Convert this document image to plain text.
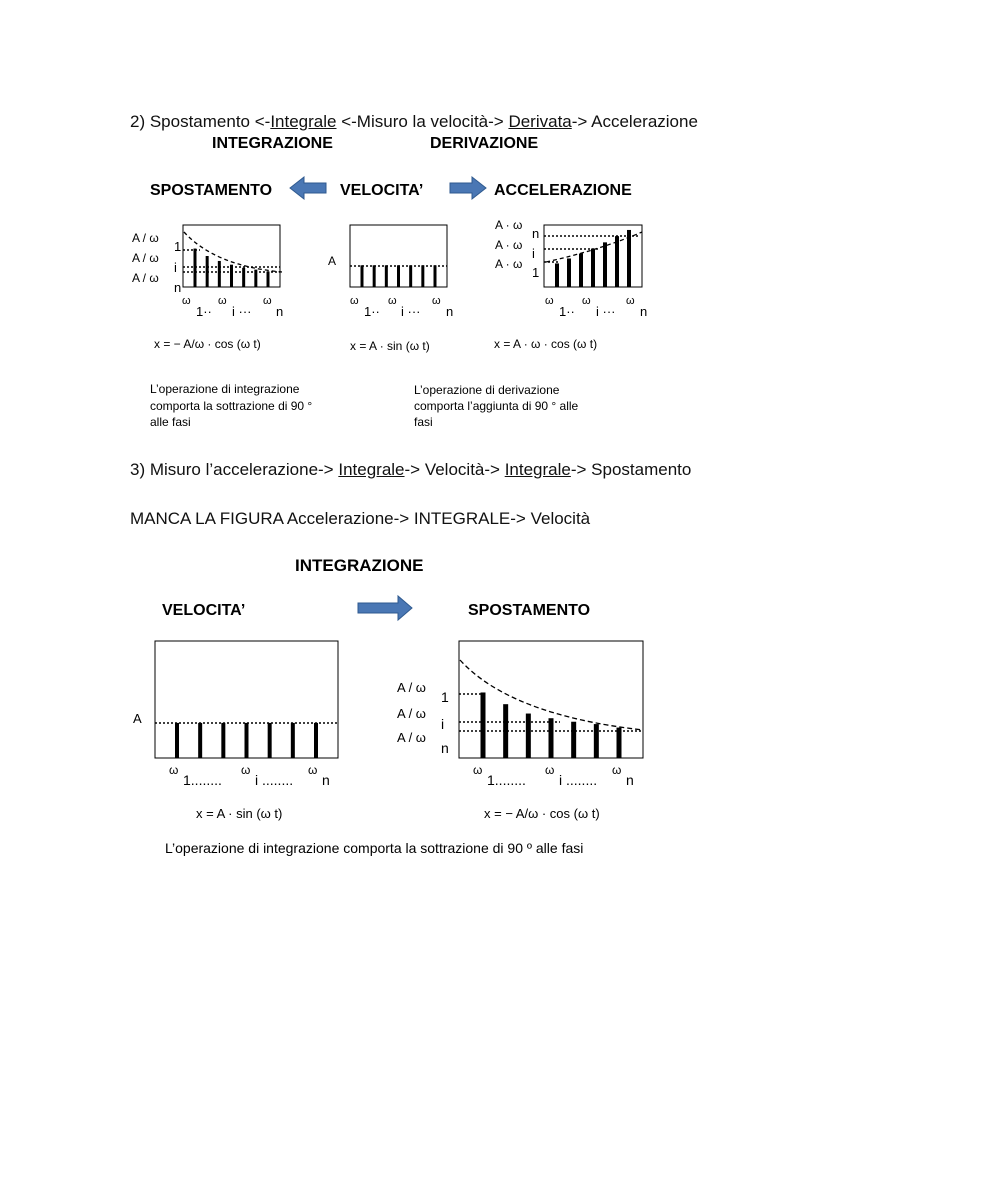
2) Spostamento <-Integrale <-Misuro la velocità-> Derivata-> Accelerazione
INTEGRAZIONE	DERIVAZIONE
SPOSTAMENTO	VELOCITA’	ACCELERAZIONE
A / ω
A / ω
A / ω
1
i
n
A
A · ω
A · ω
A · ω
n
i
1
ω
1··
ω
i ···
ω
n
ω
1··
ω
i ···
ω
n
ω
1··
ω
i ···
ω
n
x = − A/ω · cos (ω t)	x = A · sin (ω t)	x = A · ω · cos (ω t)
L’operazione di integrazione
comporta la sottrazione di 90 °
alle fasi
L’operazione di derivazione
comporta l’aggiunta di 90 ° alle
fasi
3) Misuro l’accelerazione-> Integrale-> Velocità-> Integrale-> Spostamento
MANCA LA FIGURA Accelerazione-> INTEGRALE-> Velocità
INTEGRAZIONE
VELOCITA’	SPOSTAMENTO
A
A / ω
A / ω
A / ω
1
i
n
ω
1........
ω
i ........
ω
n
ω
1........
ω
i ........
ω
n
x = A · sin (ω t)	x = − A/ω · cos (ω t)
L’operazione di integrazione comporta la sottrazione di 90 º alle fasi
